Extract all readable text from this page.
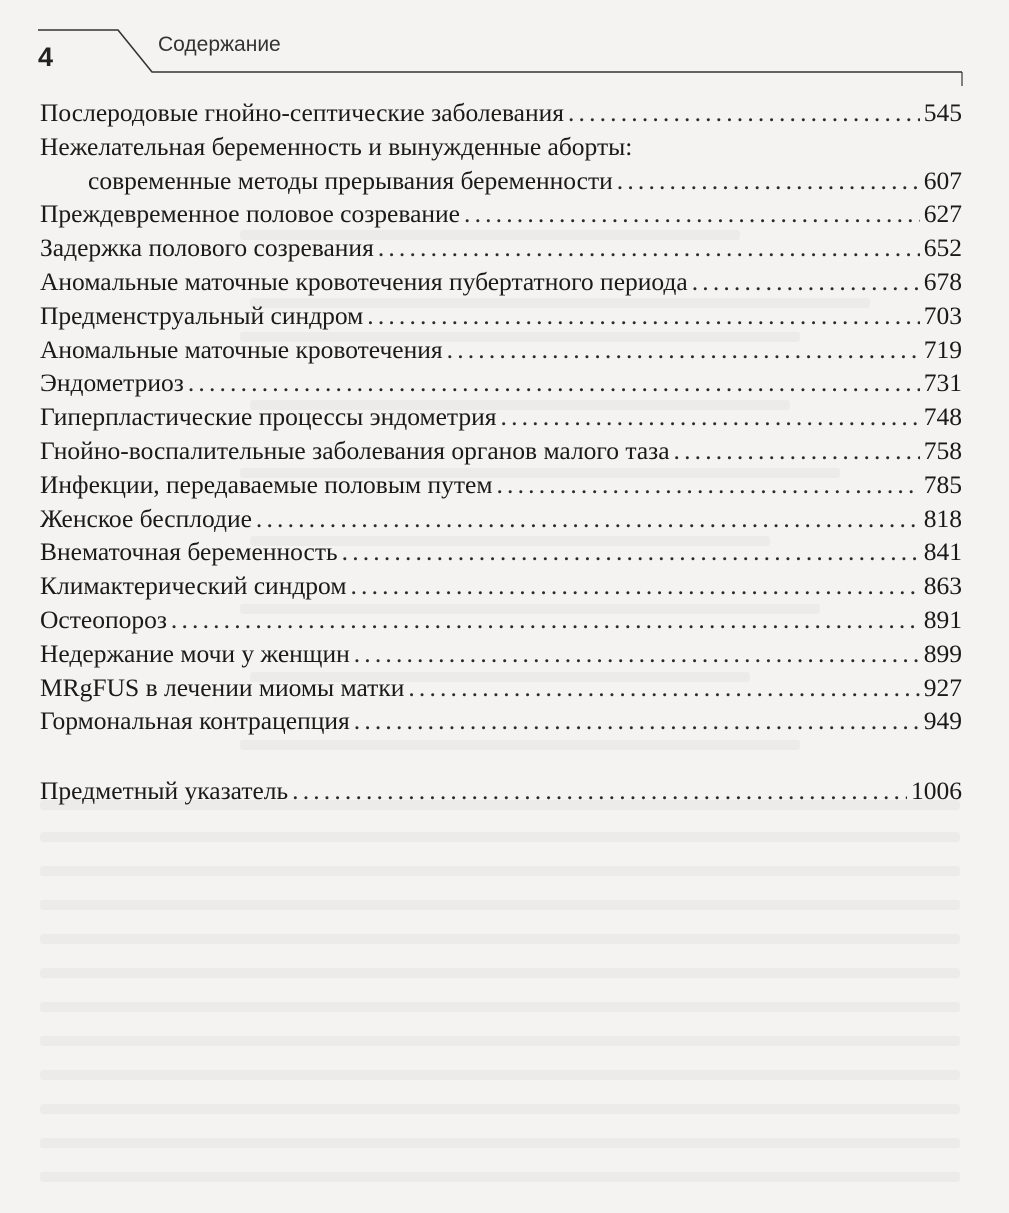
4	Содержание
Послеродовые гнойно-септические заболевания . . .	545
Нежелательная беременность и вынужденные аборты:
современные методы прерывания беременности . . .	607
Преждевременное половое созревание . . .	627
Задержка полового созревания . . .	652
Аномальные маточные кровотечения пубертатного периода . . .	678
Предменструальный синдром . . .	703
Аномальные маточные кровотечения . . .	719
Эндометриоз . . .	731
Гиперпластические процессы эндометрия . . .	748
Гнойно-воспалительные заболевания органов малого таза . . .	758
Инфекции, передаваемые половым путем . . .	785
Женское бесплодие . . .	818
Внематочная беременность . . .	841
Климактерический синдром . . .	863
Остеопороз . . .	891
Недержание мочи у женщин . . .	899
MRgFUS в лечении миомы матки . . .	927
Гормональная контрацепция . . .	949
Предметный указатель . . .	1006
